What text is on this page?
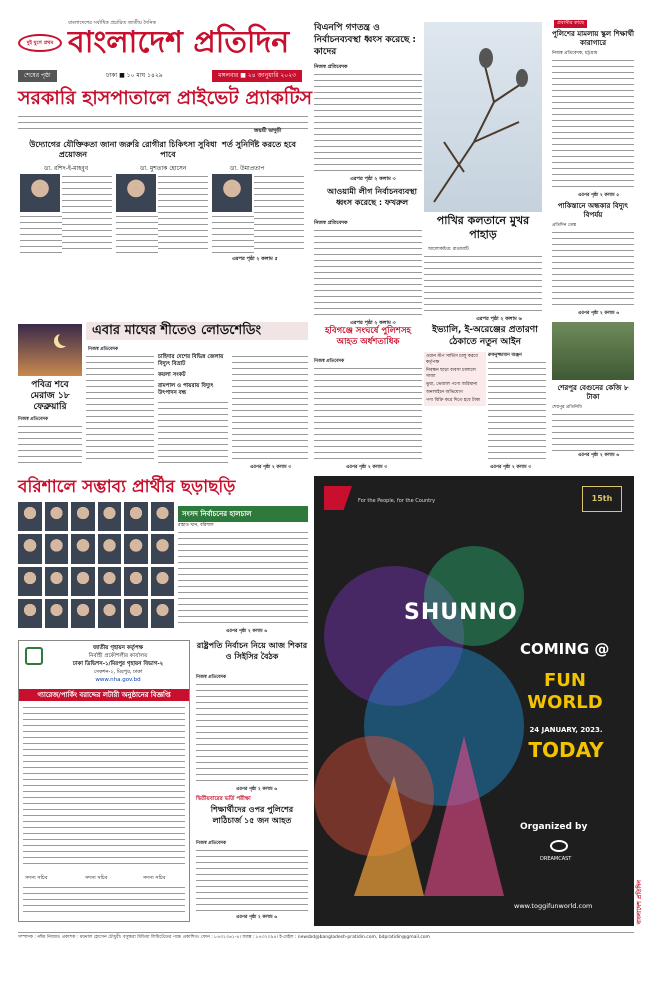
দুই যুগে প্রথম
বাংলাদেশের সর্বাধিক প্রচারিত জাতীয় দৈনিক
বাংলাদেশ প্রতিদিন
শেষের পৃষ্ঠা	ঢাকা ■ ১০ মাঘ ১৪২৯	মঙ্গলবার ■ ২৪ জানুয়ারি ২০২৩
সরকারি হাসপাতালে প্রাইভেট প্র্যাকটিস
জয়শ্রী ভাদুড়ী
উদ্যোগের যৌক্তিকতা জানা প্রয়োজন
ডা. রশিদ-ই-মাহবুব
জরুরি রোগীরা চিকিৎসা সুবিধা পাবে
ডা. মুশতাক হোসেন
শর্ত সুনির্দিষ্ট করতে হবে
ডা. উমাপ্রতাপ
এরপর পৃষ্ঠা ২ কলাম ৫
বিএনপি গণতন্ত্র ও নির্বাচনব্যবস্থা ধ্বংস করেছে : কাদের
নিজস্ব প্রতিবেদক
এরপর পৃষ্ঠা ২ কলাম ৩
আওয়ামী লীগ নির্বাচনব্যবস্থা ধ্বংস করেছে : ফখরুল
নিজস্ব প্রতিবেদক
এরপর পৃষ্ঠা ২ কলাম ৩
পাখির কলতানে মুখর পাহাড়
আলোকচিত্র: রাঙামাটি
এরপর পৃষ্ঠা ২ কলাম ৬
প্রবাসীর কাছে
পুলিশের মামলায় স্কুল শিক্ষার্থী কারাগারে
নিজস্ব প্রতিবেদক, চট্টগ্রাম
এরপর পৃষ্ঠা ২ কলাম ৫
পাকিস্তানে অন্ধকার বিদ্যুৎ বিপর্যয়
প্রতিদিন ডেস্ক
এরপর পৃষ্ঠা ২ কলাম ৬
শেরপুর বেগুনের কেজি ৮ টাকা
শেরপুর প্রতিনিধি
এরপর পৃষ্ঠা ২ কলাম ৬
বাংলাদেশ প্রতিদিন
এবার মাঘের শীতেও লোডশেডিং
নিজস্ব প্রতিবেদক
চাহিদার দেশের বিভিন্ন জেলায় বিদ্যুৎ বিভ্রাট
কয়লা সংকট
রামপাল ও পায়রায় বিদ্যুৎ উৎপাদন বন্ধ
এরপর পৃষ্ঠা ২ কলাম ৩
পবিত্র শবে মেরাজ ১৮ ফেব্রুয়ারি
নিজস্ব প্রতিবেদক
হবিগঞ্জে সংঘর্ষে পুলিশসহ আহত অর্ধশতাধিক
নিজস্ব প্রতিবেদক
এরপর পৃষ্ঠা ২ কলাম ৩
ইভ্যালি, ই-অরেঞ্জের প্রতারণা ঠেকাতে নতুন আইন
ওয়ান স্টপ সার্ভিস চালু করবে কর্তৃপক্ষ
নিবন্ধন ছাড়া ব্যবসা চালালে সাজা
ভুয়া, ভেজাল পণ্যে জরিমানা
অনলাইনে অভিযোগ
পণ্য বিক্রি করে দিতে হবে টাকা
রুকনুজ্জামান অঞ্জন
এরপর পৃষ্ঠা ২ কলাম ৩
বরিশালে সম্ভাব্য প্রার্থীর ছড়াছড়ি
সংসদ নির্বাচনের হালচাল
রাহাত খান, বরিশাল
এরপর পৃষ্ঠা ২ কলাম ৬
জাতীয় গৃহায়ন কর্তৃপক্ষ
নির্বাহী প্রকৌশলীর কার্যালয়
ঢাকা ডিভিশন-১/মিরপুর গৃহায়ন বিভাগ-২
সেকশন-২, মিরপুর, ঢাকা
www.nha.gov.bd
গ্যারেজ/পার্কিং বরাদ্দের লটারী অনুষ্ঠানের বিজ্ঞপ্তি
সদস্য সচিব	সদস্য সচিব	সদস্য সচিব
রাষ্ট্রপতি নির্বাচন নিয়ে আজ শিকার ও সিইসির বৈঠক
নিজস্ব প্রতিবেদক
এরপর পৃষ্ঠা ২ কলাম ৬
দ্বিতীয়বারের ভর্তি পরীক্ষা
শিক্ষার্থীদের ওপর পুলিশের লাঠিচার্জ ১৫ জন আহত
নিজস্ব প্রতিবেদক
এরপর পৃষ্ঠা ২ কলাম ৬
For the People, for the Country	15th
SHUNNO
COMING @
FUN WORLD
24 JANUARY, 2023.
TODAY
Organized by
DREAMCAST
www.toggifunworld.com
সম্পাদক : নঈম নিজাম। প্রকাশক : ময়নাল হোসেন চৌধুরী। বসুন্ধরা মিডিয়া লিমিটেডের পক্ষে প্রকাশিত। ফোন : ৮৪৩২৩৬১-৪। ফ্যাক্স : ৮৪৩২০৯৪। ই-মেইল : newsbd@bangladesh-pratidin.com, bdpratidin@gmail.com
